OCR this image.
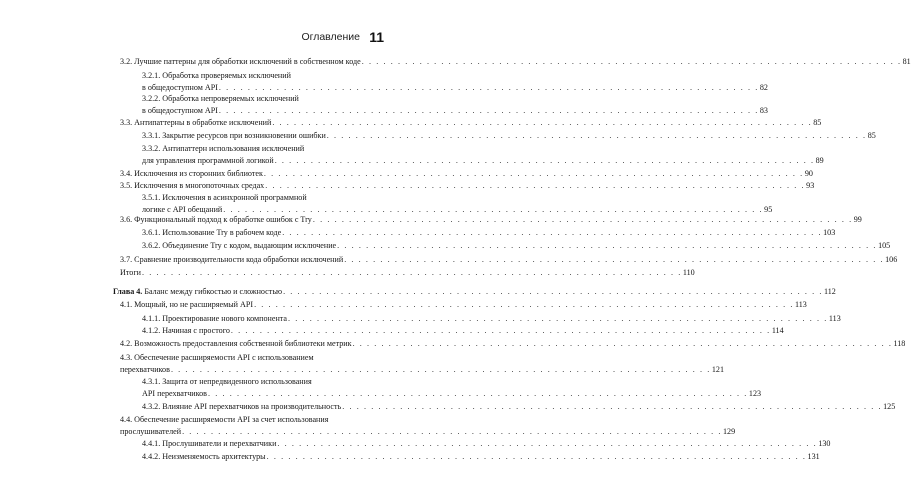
Оглавление 11
3.2. Лучшие паттерны для обработки исключений в собственном коде . . . . . . . . . . . . . . . . . . . . . . . . . . . . . . . . . . . . . . . . . . . . . . . . . . . . . . . . . . . . . . . . . . . . . . . . . . . 81
3.2.1. Обработка проверяемых исключений
в общедоступном API . . . . . . . . . . . . . . . . . . . . . . . . . . . . . . . . . . . . . . . . . . . . . . . . . . . . . . . . . . . . . . . . . . . . . . . . . . . 82
3.2.2. Обработка непроверяемых исключений
в общедоступном API . . . . . . . . . . . . . . . . . . . . . . . . . . . . . . . . . . . . . . . . . . . . . . . . . . . . . . . . . . . . . . . . . . . . . . . . . . . 83
3.3. Антипаттерны в обработке исключений . . . . . . . . . . . . . . . . . . . . . . . . . . . . . . . . . . . . . . . . . . . . . . . . . . . . . . . . . . . . . . . . . . . . . . . . . . . 85
3.3.1. Закрытие ресурсов при возникновении ошибки . . . . . . . . . . . . . . . . . . . . . . . . . . . . . . . . . . . . . . . . . . . . . . . . . . . . . . . . . . . . . . . . . . . . . . . . . . . 85
3.3.2. Антипаттерн использования исключений
для управления программной логикой . . . . . . . . . . . . . . . . . . . . . . . . . . . . . . . . . . . . . . . . . . . . . . . . . . . . . . . . . . . . . . . . . . . . . . . . . . . 89
3.4. Исключения из сторонних библиотек . . . . . . . . . . . . . . . . . . . . . . . . . . . . . . . . . . . . . . . . . . . . . . . . . . . . . . . . . . . . . . . . . . . . . . . . . . . 90
3.5. Исключения в многопоточных средах . . . . . . . . . . . . . . . . . . . . . . . . . . . . . . . . . . . . . . . . . . . . . . . . . . . . . . . . . . . . . . . . . . . . . . . . . . . 93
3.5.1. Исключения в асинхронной программной
логике с API обещаний . . . . . . . . . . . . . . . . . . . . . . . . . . . . . . . . . . . . . . . . . . . . . . . . . . . . . . . . . . . . . . . . . . . . . . . . . . . 95
3.6. Функциональный подход к обработке ошибок с Try . . . . . . . . . . . . . . . . . . . . . . . . . . . . . . . . . . . . . . . . . . . . . . . . . . . . . . . . . . . . . . . . . . . . . . . . . . . 99
3.6.1. Использование Try в рабочем коде . . . . . . . . . . . . . . . . . . . . . . . . . . . . . . . . . . . . . . . . . . . . . . . . . . . . . . . . . . . . . . . . . . . . . . . . . . . 103
3.6.2. Объединение Try с кодом, выдающим исключение . . . . . . . . . . . . . . . . . . . . . . . . . . . . . . . . . . . . . . . . . . . . . . . . . . . . . . . . . . . . . . . . . . . . . . . . . . . 105
3.7. Сравнение производительности кода обработки исключений . . . . . . . . . . . . . . . . . . . . . . . . . . . . . . . . . . . . . . . . . . . . . . . . . . . . . . . . . . . . . . . . . . . . . . . . . . . 106
Итоги . . . . . . . . . . . . . . . . . . . . . . . . . . . . . . . . . . . . . . . . . . . . . . . . . . . . . . . . . . . . . . . . . . . . . . . . . . . 110
Глава 4. Баланс между гибкостью и сложностью . . . . . . . . . . . . . . . . . . . . . . . . . . . . . . . . . . . . . . . . . . . . . . . . . . . . . . . . . . . . . . . . . . . . . . . . . . . 112
4.1. Мощный, но не расширяемый API . . . . . . . . . . . . . . . . . . . . . . . . . . . . . . . . . . . . . . . . . . . . . . . . . . . . . . . . . . . . . . . . . . . . . . . . . . . 113
4.1.1. Проектирование нового компонента . . . . . . . . . . . . . . . . . . . . . . . . . . . . . . . . . . . . . . . . . . . . . . . . . . . . . . . . . . . . . . . . . . . . . . . . . . . 113
4.1.2. Начиная с простого . . . . . . . . . . . . . . . . . . . . . . . . . . . . . . . . . . . . . . . . . . . . . . . . . . . . . . . . . . . . . . . . . . . . . . . . . . . 114
4.2. Возможность предоставления собственной библиотеки метрик . . . . . . . . . . . . . . . . . . . . . . . . . . . . . . . . . . . . . . . . . . . . . . . . . . . . . . . . . . . . . . . . . . . . . . . . . . . 118
4.3. Обеспечение расширяемости API с использованием
перехватчиков . . . . . . . . . . . . . . . . . . . . . . . . . . . . . . . . . . . . . . . . . . . . . . . . . . . . . . . . . . . . . . . . . . . . . . . . . . . 121
4.3.1. Защита от непредвиденного использования
API перехватчиков . . . . . . . . . . . . . . . . . . . . . . . . . . . . . . . . . . . . . . . . . . . . . . . . . . . . . . . . . . . . . . . . . . . . . . . . . . . 123
4.3.2. Влияние API перехватчиков на производительность . . . . . . . . . . . . . . . . . . . . . . . . . . . . . . . . . . . . . . . . . . . . . . . . . . . . . . . . . . . . . . . . . . . . . . . . . . . 125
4.4. Обеспечение расширяемости API за счет использования
прослушивателей . . . . . . . . . . . . . . . . . . . . . . . . . . . . . . . . . . . . . . . . . . . . . . . . . . . . . . . . . . . . . . . . . . . . . . . . . . . 129
4.4.1. Прослушиватели и перехватчики . . . . . . . . . . . . . . . . . . . . . . . . . . . . . . . . . . . . . . . . . . . . . . . . . . . . . . . . . . . . . . . . . . . . . . . . . . . 130
4.4.2. Неизменяемость архитектуры . . . . . . . . . . . . . . . . . . . . . . . . . . . . . . . . . . . . . . . . . . . . . . . . . . . . . . . . . . . . . . . . . . . . . . . . . . . 131
